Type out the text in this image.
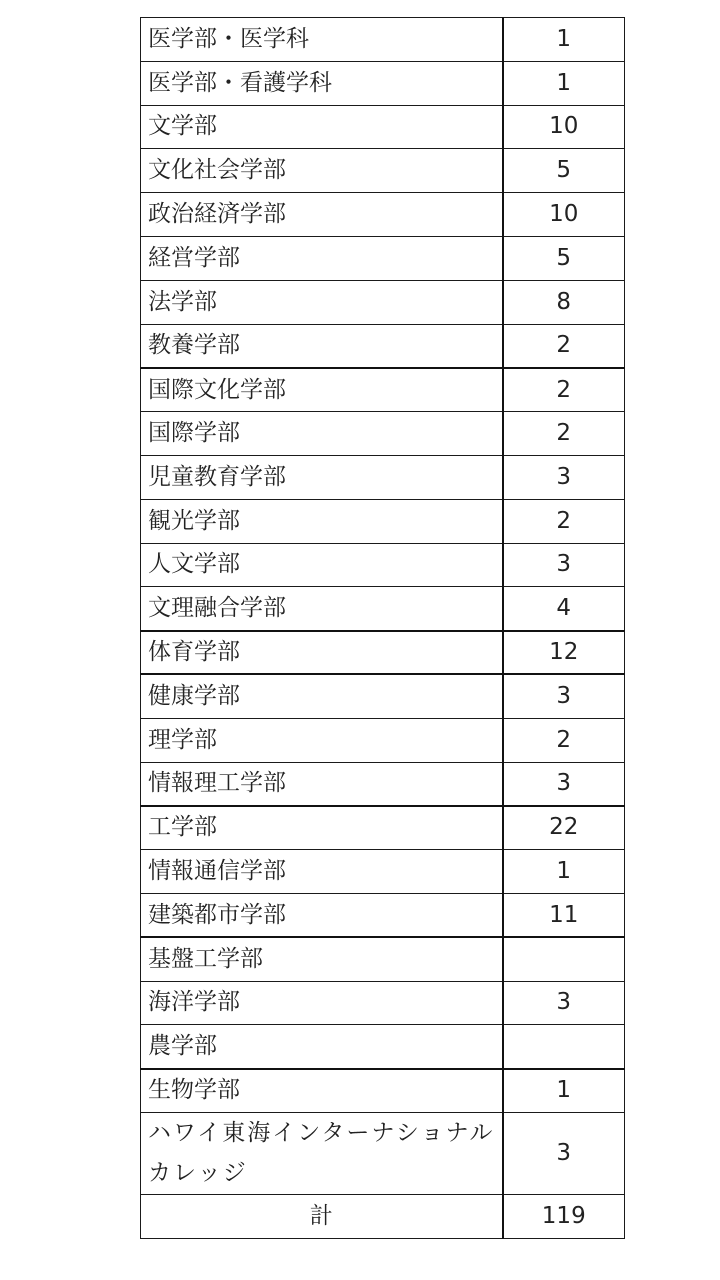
医学部・医学科	1
医学部・看護学科	1
文学部	10
文化社会学部	5
政治経済学部	10
経営学部	5
法学部	8
教養学部	2
国際文化学部	2
国際学部	2
児童教育学部	3
観光学部	2
人文学部	3
文理融合学部	4
体育学部	12
健康学部	3
理学部	2
情報理工学部	3
工学部	22
情報通信学部	1
建築都市学部	11
基盤工学部	
海洋学部	3
農学部	
生物学部	1
ハワイ東海インターナショナルカレッジ	3
計	119
